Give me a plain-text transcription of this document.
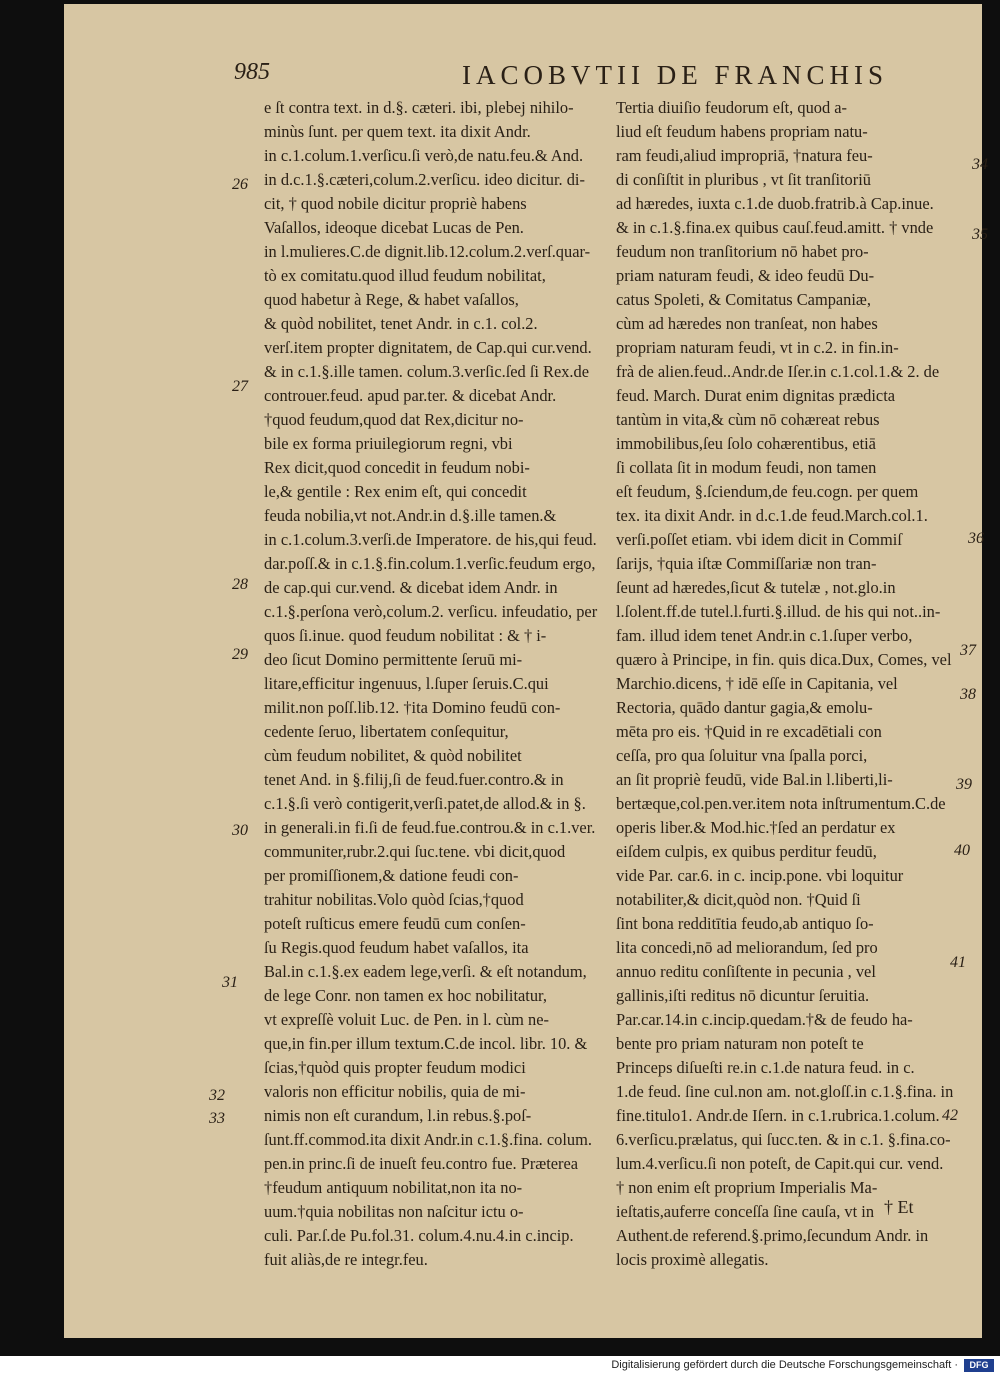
985	IACOBVTII DE FRANCHIS
e ſt contra text. in d.§. cæteri. ibi, plebej nihilo-
minùs ſunt. per quem text. ita dixit Andr.
in c.1.colum.1.verſicu.ſi verò,de natu.feu.& And.
in d.c.1.§.cæteri,colum.2.verſicu. ideo dicitur. di-
cit, † quod nobile dicitur propriè habens
Vaſallos, ideoque dicebat Lucas de Pen.
in l.mulieres.C.de dignit.lib.12.colum.2.verſ.quar-
tò ex comitatu.quod illud feudum nobilitat,
quod habetur à Rege, & habet vaſallos,
& quòd nobilitet, tenet Andr. in c.1. col.2.
verſ.item propter dignitatem, de Cap.qui cur.vend.
& in c.1.§.ille tamen. colum.3.verſic.ſed ſi Rex.de
controuer.feud. apud par.ter. & dicebat Andr.
†quod feudum,quod dat Rex,dicitur no-
bile ex forma priuilegiorum regni, vbi
Rex dicit,quod concedit in feudum nobi-
le,& gentile : Rex enim eſt, qui concedit
feuda nobilia,vt not.Andr.in d.§.ille tamen.&
in c.1.colum.3.verſi.de Imperatore. de his,qui feud.
dar.poſſ.& in c.1.§.fin.colum.1.verſic.feudum ergo,
de cap.qui cur.vend. & dicebat idem Andr. in
c.1.§.perſona verò,colum.2. verſicu. infeudatio, per
quos ſi.inue. quod feudum nobilitat : & † i-
deo ſicut Domino permittente ſeruū mi-
litare,efficitur ingenuus, l.ſuper ſeruis.C.qui
milit.non poſſ.lib.12. †ita Domino feudū con-
cedente ſeruo, libertatem conſequitur,
cùm feudum nobilitet, & quòd nobilitet
tenet And. in §.filij,ſi de feud.fuer.contro.& in
c.1.§.ſi verò contigerit,verſi.patet,de allod.& in §.
in generali.in fi.ſi de feud.fue.controu.& in c.1.ver.
communiter,rubr.2.qui ſuc.tene. vbi dicit,quod
per promiſſionem,& datione feudi con-
trahitur nobilitas.Volo quòd ſcias,†quod
poteſt ruſticus emere feudū cum conſen-
ſu Regis.quod feudum habet vaſallos, ita
Bal.in c.1.§.ex eadem lege,verſi. & eſt notandum,
de lege Conr. non tamen ex hoc nobilitatur,
vt expreſſè voluit Luc. de Pen. in l. cùm ne-
que,in fin.per illum textum.C.de incol. libr. 10. &
ſcias,†quòd quis propter feudum modici
valoris non efficitur nobilis, quia de mi-
nimis non eſt curandum, l.in rebus.§.poſ-
ſunt.ff.commod.ita dixit Andr.in c.1.§.fina. colum.
pen.in princ.ſi de inueſt feu.contro fue. Præterea
†feudum antiquum nobilitat,non ita no-
uum.†quia nobilitas non naſcitur ictu o-
culi. Par.ſ.de Pu.fol.31. colum.4.nu.4.in c.incip.
fuit aliàs,de re integr.feu.
Tertia diuiſio feudorum eſt, quod a-
liud eſt feudum habens propriam natu-
ram feudi,aliud impropriā, †natura feu-
di conſiſtit in pluribus , vt ſit tranſitoriū
ad hæredes, iuxta c.1.de duob.fratrib.à Cap.inue.
& in c.1.§.fina.ex quibus cauſ.feud.amitt. † vnde
feudum non tranſitorium nō habet pro-
priam naturam feudi, & ideo feudū Du-
catus Spoleti, & Comitatus Campaniæ,
cùm ad hæredes non tranſeat, non habes
propriam naturam feudi, vt in c.2. in fin.in-
frà de alien.feud..Andr.de Iſer.in c.1.col.1.& 2. de
feud. March. Durat enim dignitas prædicta
tantùm in vita,& cùm nō cohæreat rebus
immobilibus,ſeu ſolo cohærentibus, etiā
ſi collata ſit in modum feudi, non tamen
eſt feudum, §.ſciendum,de feu.cogn. per quem
tex. ita dixit Andr. in d.c.1.de feud.March.col.1.
verſi.poſſet etiam. vbi idem dicit in Commiſ
ſarijs, †quia iſtæ Commiſſariæ non tran-
ſeunt ad hæredes,ſicut & tutelæ , not.glo.in
l.ſolent.ff.de tutel.l.furti.§.illud. de his qui not..in-
fam. illud idem tenet Andr.in c.1.ſuper verbo,
quæro à Principe, in fin. quis dica.Dux, Comes, vel
Marchio.dicens, † idē eſſe in Capitania, vel
Rectoria, quādo dantur gagia,& emolu-
mēta pro eis. †Quid in re excadētiali con
ceſſa, pro qua ſoluitur vna ſpalla porci,
an ſit propriè feudū, vide Bal.in l.liberti,li-
bertæque,col.pen.ver.item nota inſtrumentum.C.de
operis liber.& Mod.hic.†ſed an perdatur ex
eiſdem culpis, ex quibus perditur feudū,
vide Par. car.6. in c. incip.pone. vbi loquitur
notabiliter,& dicit,quòd non. †Quid ſi
ſint bona redditītia feudo,ab antiquo ſo-
lita concedi,nō ad meliorandum, ſed pro
annuo reditu conſiſtente in pecunia , vel
gallinis,iſti reditus nō dicuntur ſeruitia.
Par.car.14.in c.incip.quedam.†& de feudo ha-
bente pro priam naturam non poteſt te
Princeps diſueſti re.in c.1.de natura feud. in c.
1.de feud. ſine cul.non am. not.gloſſ.in c.1.§.fina. in
fine.titulo1. Andr.de Iſern. in c.1.rubrica.1.colum.
6.verſicu.prælatus, qui ſucc.ten. & in c.1. §.fina.co-
lum.4.verſicu.ſi non poteſt, de Capit.qui cur. vend.
† non enim eſt proprium Imperialis Ma-
ieſtatis,auferre conceſſa ſine cauſa, vt in
Authent.de referend.§.primo,ſecundum Andr. in
locis proximè allegatis.
26
27
28
29
30
31
32
33
34
35
36
37
38
39
40
41
42
† Et
Digitalisierung gefördert durch die Deutsche Forschungsgemeinschaft ·	DFG
